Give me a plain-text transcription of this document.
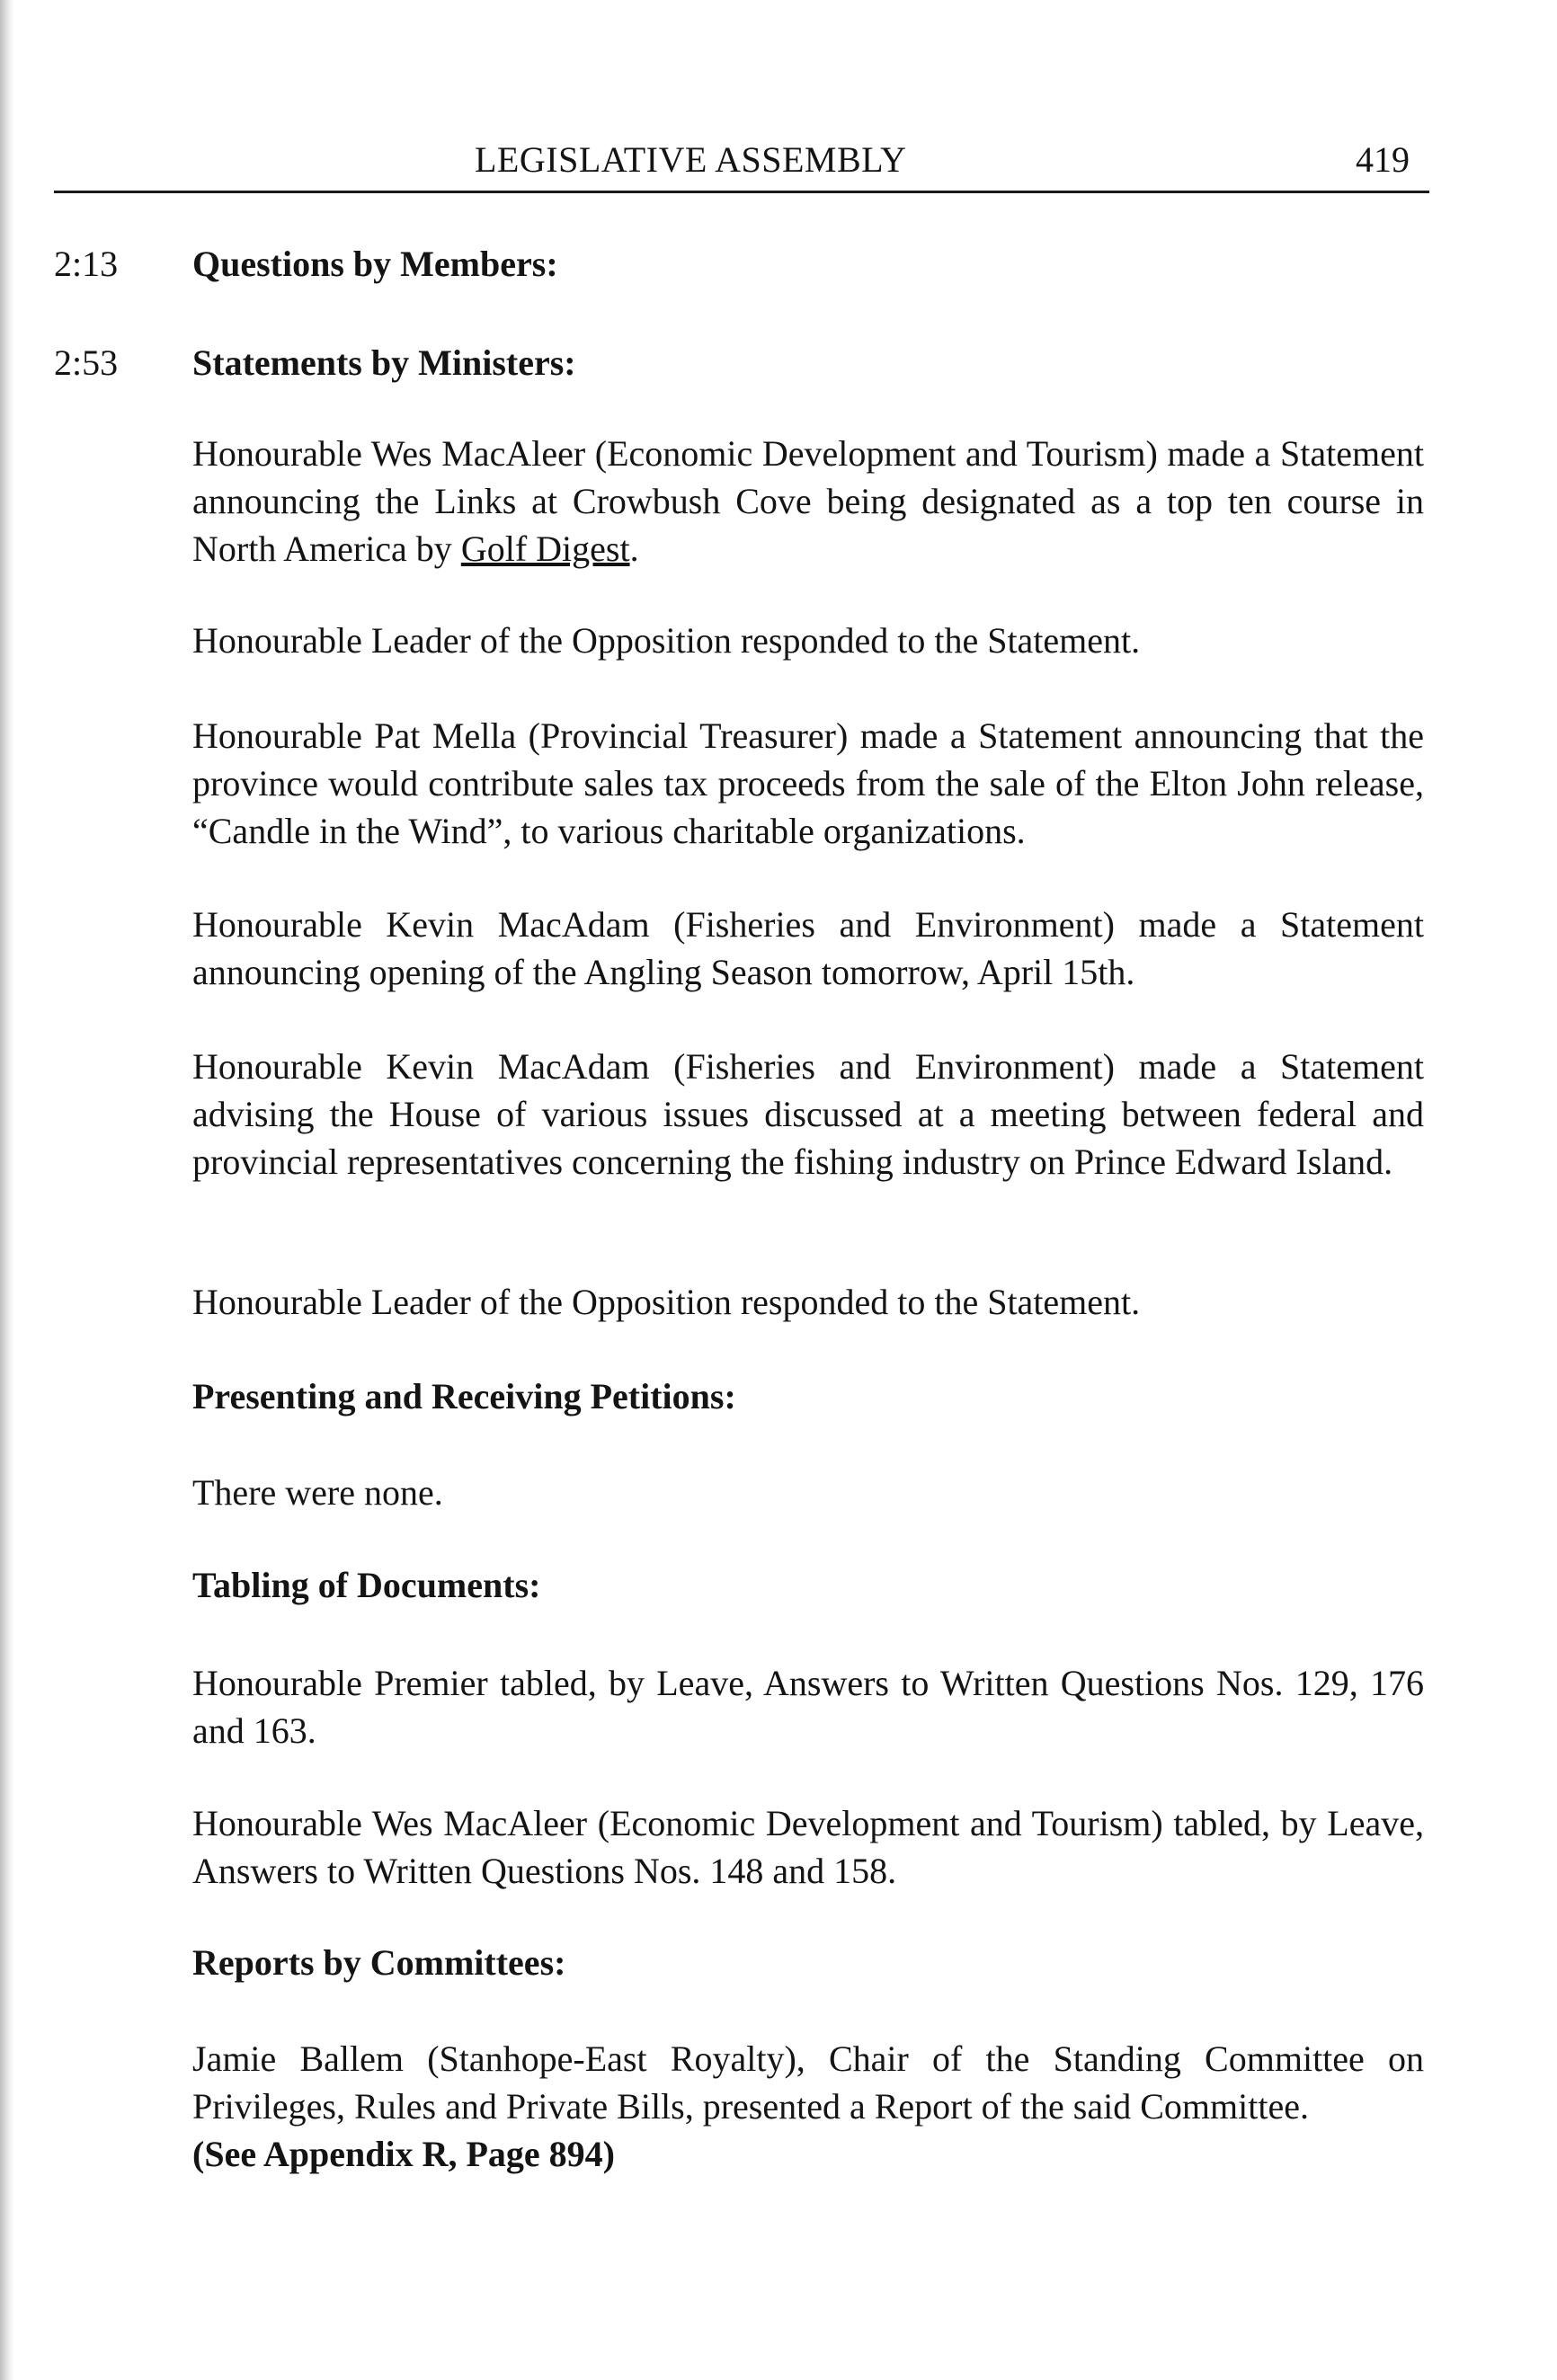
LEGISLATIVE ASSEMBLY	419
2:13 Questions by Members:
2:53 Statements by Ministers:
Honourable Wes MacAleer (Economic Development and Tourism) made a Statement announcing the Links at Crowbush Cove being designated as a top ten course in North America by Golf Digest.
Honourable Leader of the Opposition responded to the Statement.
Honourable Pat Mella (Provincial Treasurer) made a Statement announcing that the province would contribute sales tax proceeds from the sale of the Elton John release, “Candle in the Wind”, to various charitable organizations.
Honourable Kevin MacAdam (Fisheries and Environment) made a Statement announcing opening of the Angling Season tomorrow, April 15th.
Honourable Kevin MacAdam (Fisheries and Environment) made a Statement advising the House of various issues discussed at a meeting between federal and provincial representatives concerning the fishing industry on Prince Edward Island.
Honourable Leader of the Opposition responded to the Statement.
Presenting and Receiving Petitions:
There were none.
Tabling of Documents:
Honourable Premier tabled, by Leave, Answers to Written Questions Nos. 129, 176 and 163.
Honourable Wes MacAleer (Economic Development and Tourism) tabled, by Leave, Answers to Written Questions Nos. 148 and 158.
Reports by Committees:
Jamie Ballem (Stanhope-East Royalty), Chair of the Standing Committee on Privileges, Rules and Private Bills, presented a Report of the said Committee.
(See Appendix R, Page 894)
